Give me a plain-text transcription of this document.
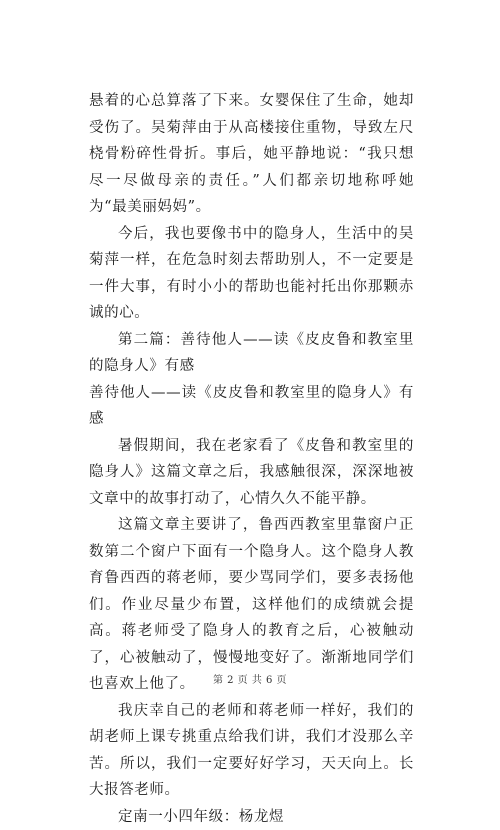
悬着的心总算落了下来。女婴保住了生命，她却受伤了。吴菊萍由于从高楼接住重物，导致左尺桡骨粉碎性骨折。事后，她平静地说：“我只想尽一尽做母亲的责任。”人们都亲切地称呼她为“最美丽妈妈”。

今后，我也要像书中的隐身人，生活中的吴菊萍一样，在危急时刻去帮助别人，不一定要是一件大事，有时小小的帮助也能衬托出你那颗赤诚的心。

第二篇：善待他人——读《皮皮鲁和教室里的隐身人》有感

善待他人——读《皮皮鲁和教室里的隐身人》有感

暑假期间，我在老家看了《皮鲁和教室里的隐身人》这篇文章之后，我感触很深，深深地被文章中的故事打动了，心情久久不能平静。

这篇文章主要讲了，鲁西西教室里靠窗户正数第二个窗户下面有一个隐身人。这个隐身人教育鲁西西的蒋老师，要少骂同学们，要多表扬他们。作业尽量少布置，这样他们的成绩就会提高。蒋老师受了隐身人的教育之后，心被触动了，心被触动了，慢慢地变好了。渐渐地同学们也喜欢上他了。

我庆幸自己的老师和蒋老师一样好，我们的胡老师上课专挑重点给我们讲，我们才没那么辛苦。所以，我们一定要好好学习，天天向上。长大报答老师。

定南一小四年级：杨龙煜

第 2 页 共 6 页
